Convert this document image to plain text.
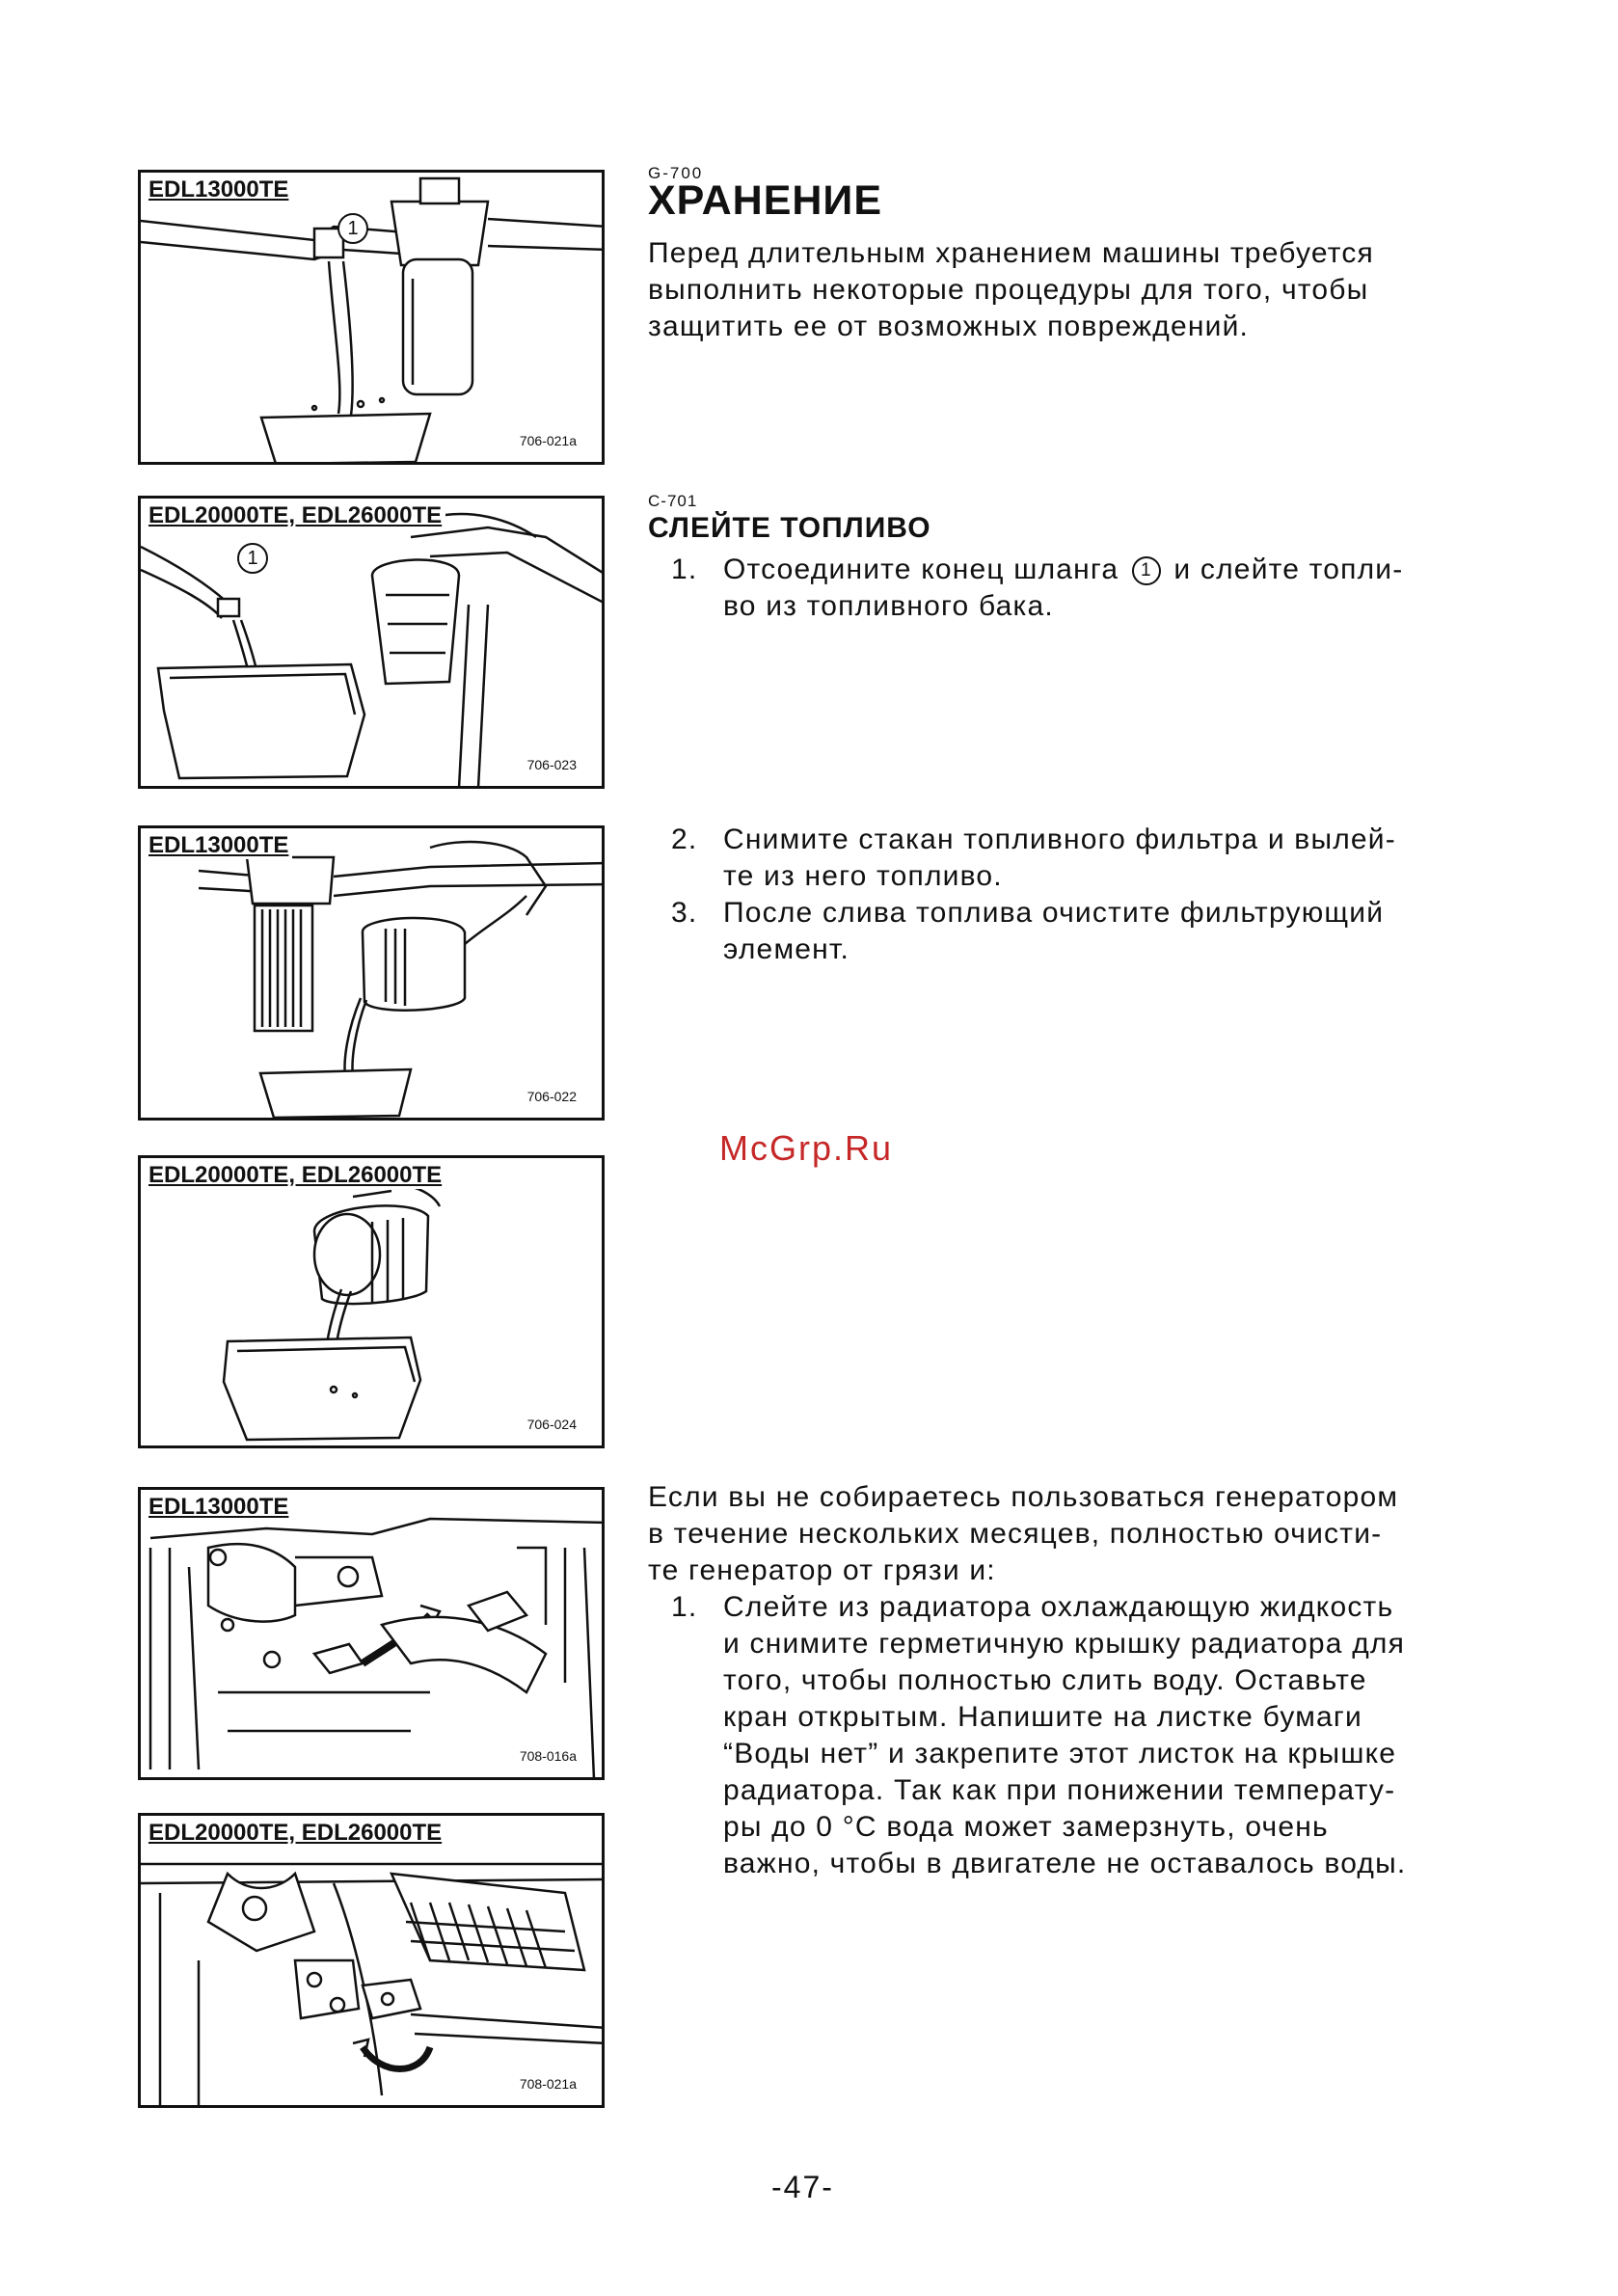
EDL13000TE
1
706-021a
EDL20000TE, EDL26000TE
1
706-023
EDL13000TE
706-022
EDL20000TE, EDL26000TE
706-024
EDL13000TE
708-016a
EDL20000TE, EDL26000TE
708-021a
G-700
ХРАНЕНИЕ

Перед длительным хранением машины требуется

выполнить некоторые процедуры для того, чтобы

защитить ее от возможных повреждений.

C-701
СЛЕЙТЕ ТОПЛИВО
1. Отсоедините конец шланга 1 и слейте топли-
во из топливного бака.
2. Снимите стакан топливного фильтра и вылей-
те из него топливо.
3. После слива топлива очистите фильтрующий
элемент.
McGrp.Ru

Если вы не собираетесь пользоваться генератором

в течение нескольких месяцев, полностью очисти-

те генератор от грязи и:

1. Слейте из радиатора охлаждающую жидкость
и снимите герметичную крышку радиатора для
того, чтобы полностью слить воду. Оставьте
кран открытым. Напишите на листке бумаги
“Воды нет” и закрепите этот листок на крышке
радиатора. Так как при понижении температу-
ры до 0 °С вода может замерзнуть, очень
важно, чтобы в двигателе не оставалось воды.
-47-
